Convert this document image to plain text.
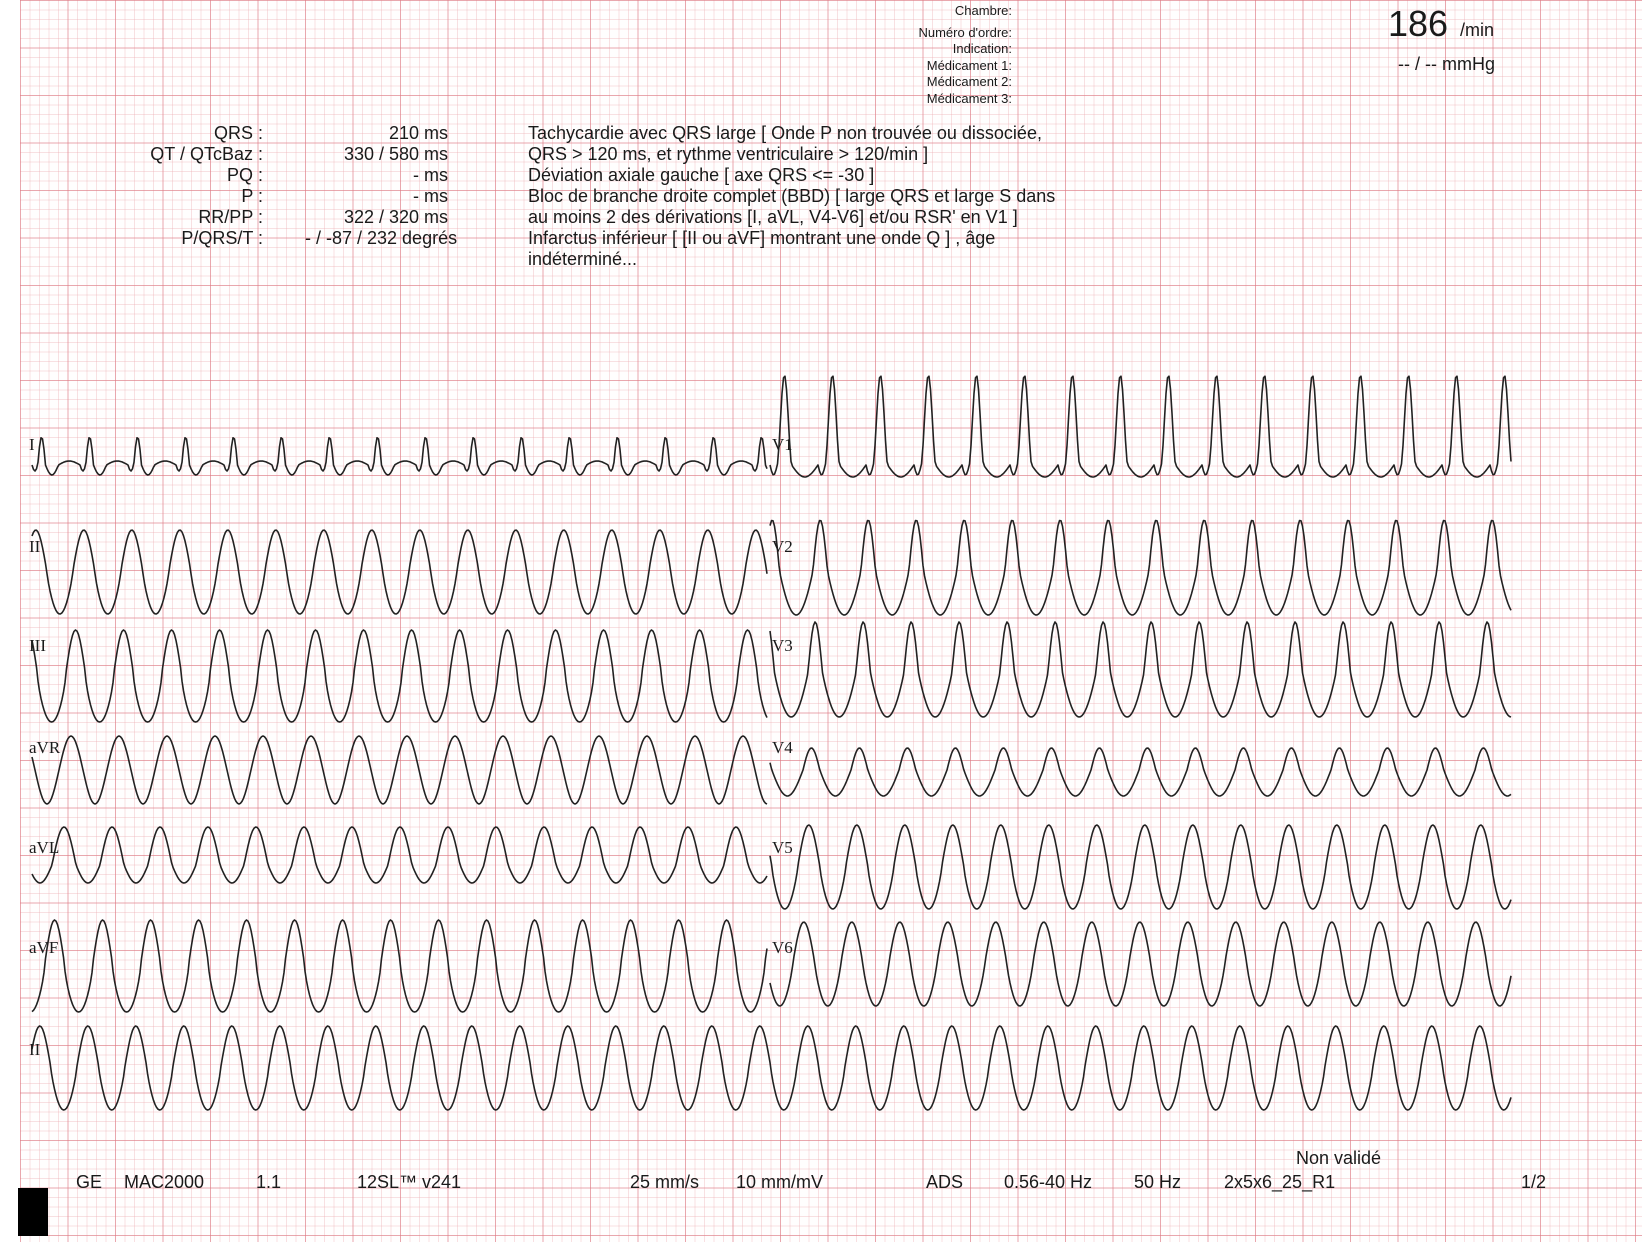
Chambre:
Numéro d'ordre:
Indication:
Médicament 1:
Médicament 2:
Médicament 3:
186 /min
-- / -- mmHg
QRS :	210 ms
QT / QTcBaz :	330 / 580 ms
PQ :	- ms
P :	- ms
RR/PP :	322 / 320 ms
P/QRS/T : - / -87 / 232 degrés
Tachycardie avec QRS large [ Onde P non trouvée ou dissociée,
QRS > 120 ms, et rythme ventriculaire > 120/min ]
Déviation axiale gauche [ axe QRS <= -30 ]
Bloc de branche droite complet (BBD) [ large QRS et large S dans
au moins 2 des dérivations [I, aVL, V4-V6] et/ou RSR' en V1 ]
Infarctus inférieur [ [II ou aVF] montrant une onde Q ] , âge
indéterminé...
I
II
III
aVR
aVL
aVF
II
V1
V2
V3
V4
V5
V6
Non validé
GE MAC2000	1.1	12SL™ v241	25 mm/s 10 mm/mV	ADS 0.56-40 Hz 50 Hz 2x5x6_25_R1	1/2
